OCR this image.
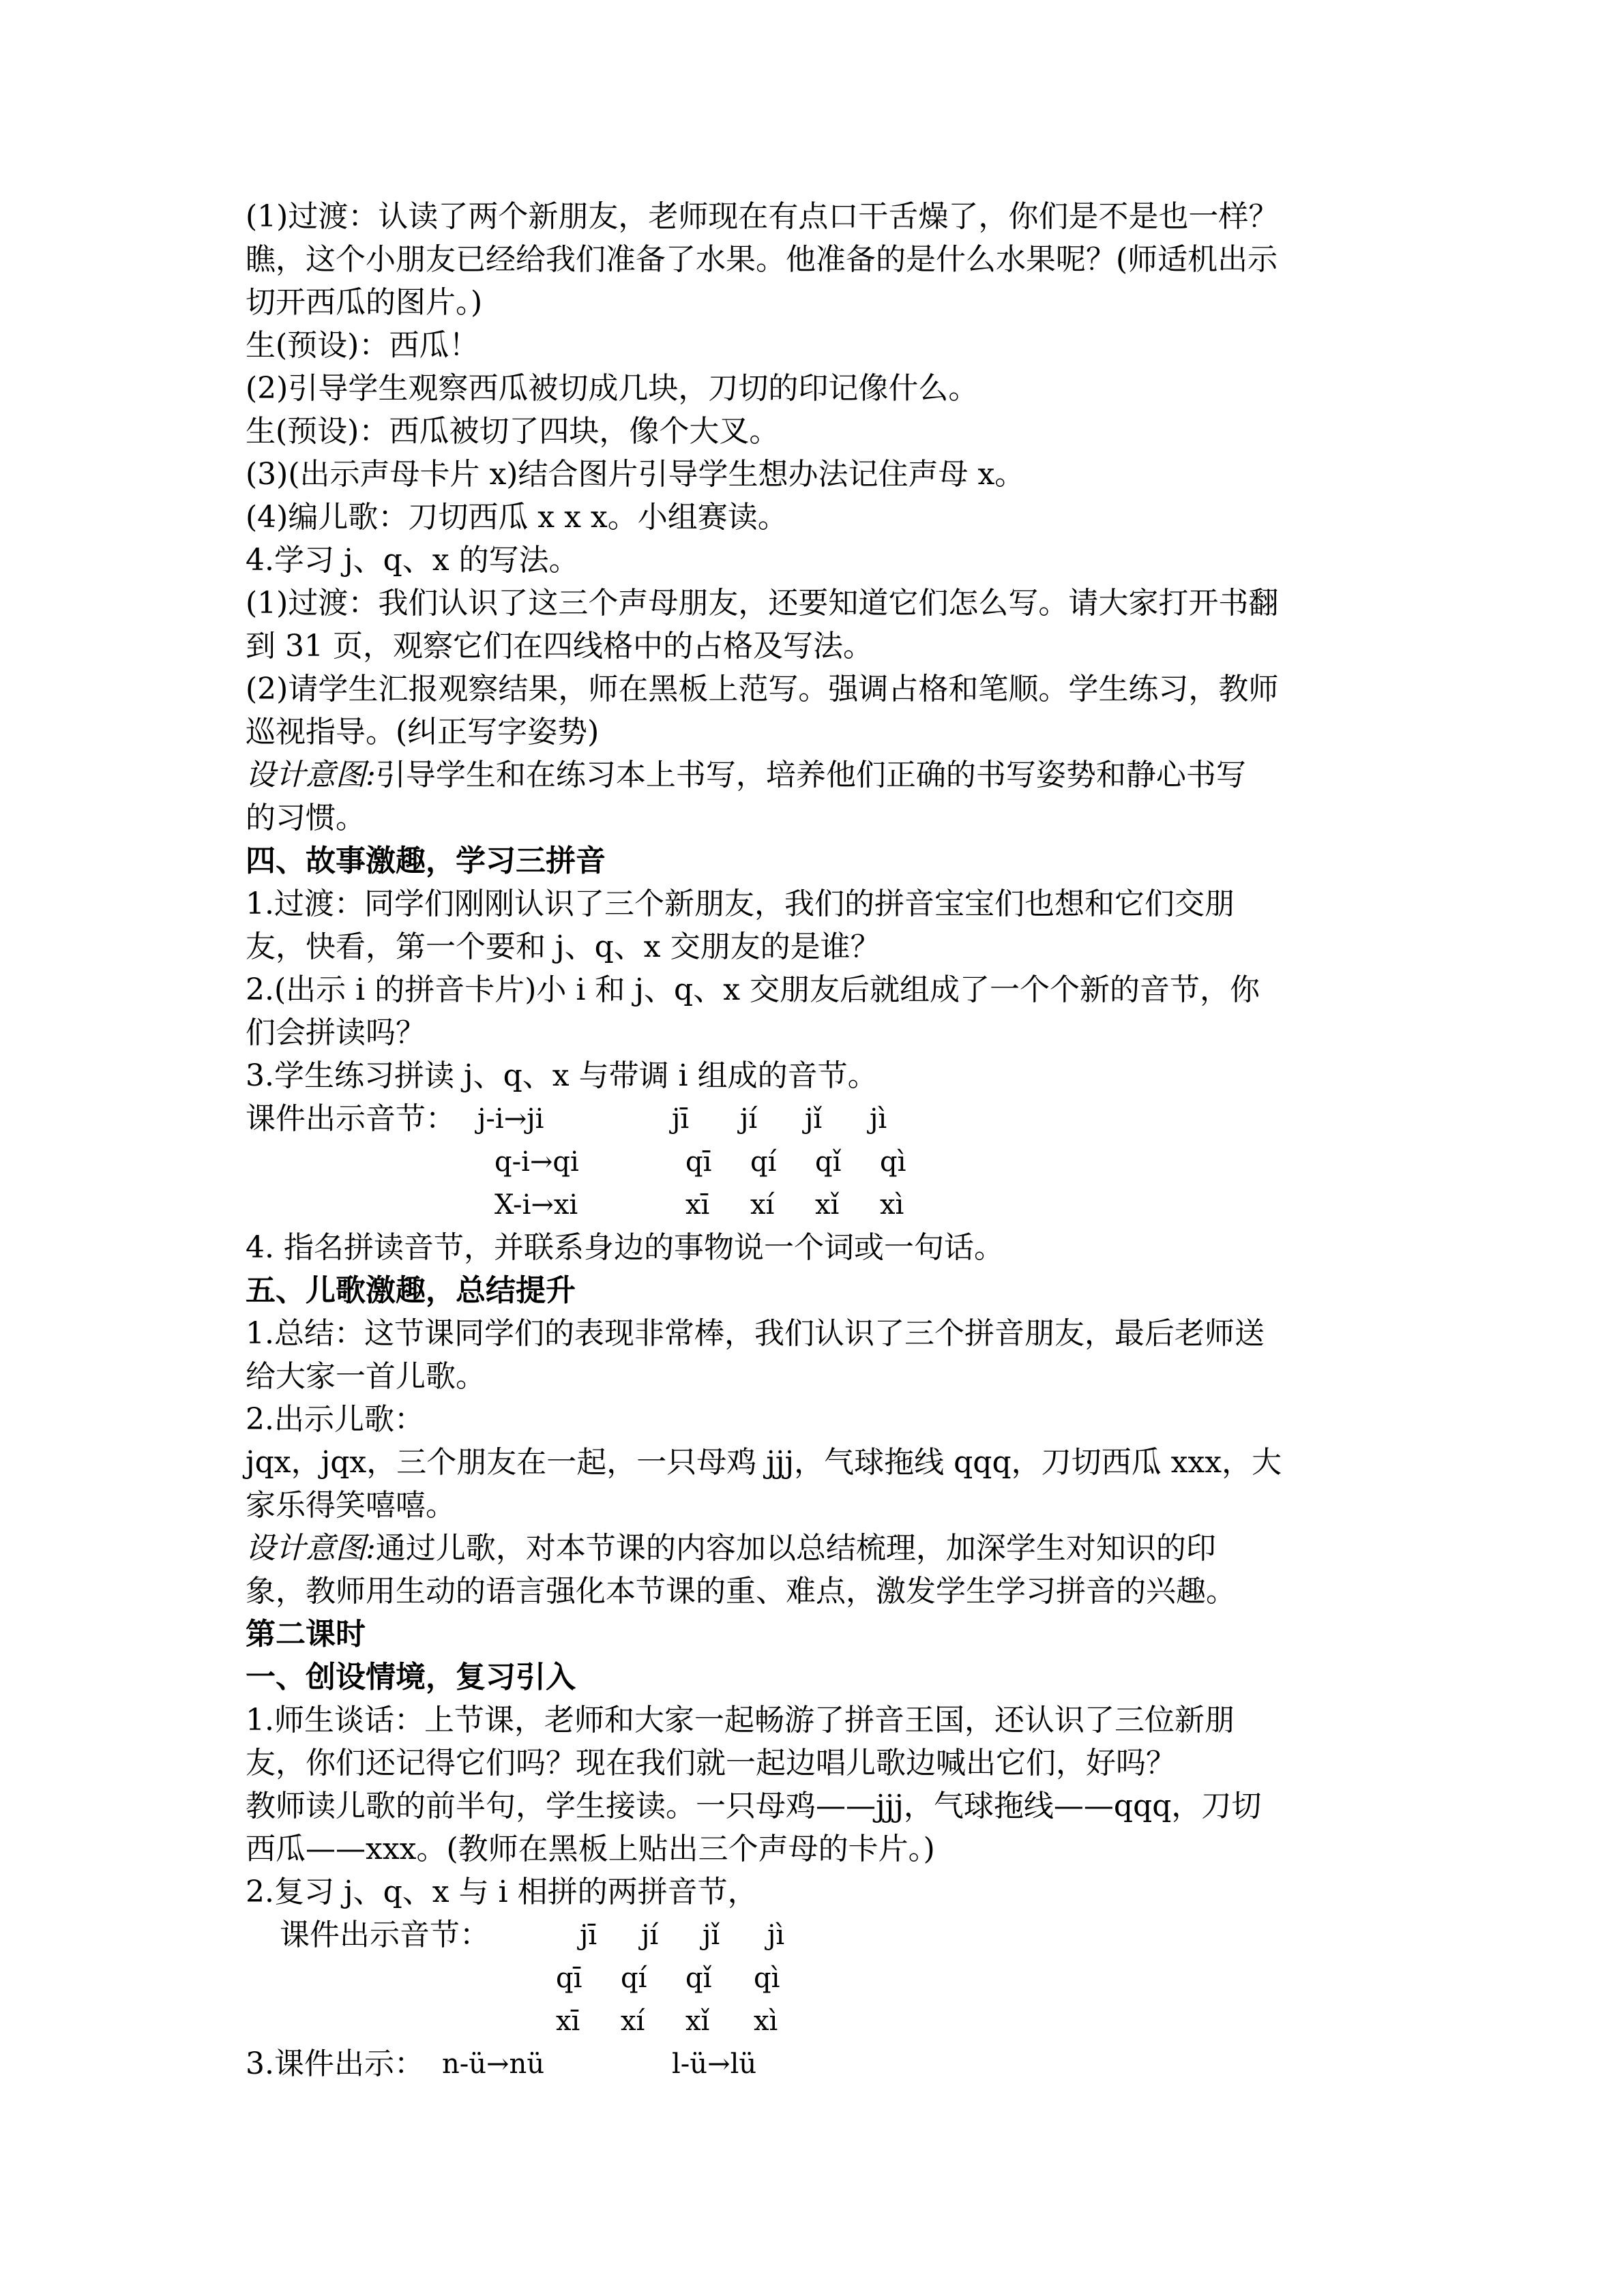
(1)过渡：认读了两个新朋友，老师现在有点口干舌燥了，你们是不是也一样？

瞧，这个小朋友已经给我们准备了水果。他准备的是什么水果呢？(师适机出示

切开西瓜的图片。)

生(预设)：西瓜！

(2)引导学生观察西瓜被切成几块，刀切的印记像什么。

生(预设)：西瓜被切了四块，像个大叉。

(3)(出示声母卡片 x)结合图片引导学生想办法记住声母 x。

(4)编儿歌：刀切西瓜 x x x。小组赛读。

4.学习 j、q、x 的写法。

(1)过渡：我们认识了这三个声母朋友，还要知道它们怎么写。请大家打开书翻

到 31 页，观察它们在四线格中的占格及写法。

(2)请学生汇报观察结果，师在黑板上范写。强调占格和笔顺。学生练习，教师

巡视指导。(纠正写字姿势)

设计意图:引导学生和在练习本上书写，培养他们正确的书写姿势和静心书写

的习惯。

四、故事激趣，学习三拼音

1.过渡：同学们刚刚认识了三个新朋友，我们的拼音宝宝们也想和它们交朋

友，快看，第一个要和 j、q、x 交朋友的是谁？

2.(出示 i 的拼音卡片)小 i 和 j、q、x 交朋友后就组成了一个个新的音节，你

们会拼读吗？

3.学生练习拼读 j、q、x 与带调 i 组成的音节。

课件出示音节： j-i→ji	jī jí jǐ jì
q-i→qi	qī qí qǐ qì
X-i→xi	xī xí xǐ xì

4. 指名拼读音节，并联系身边的事物说一个词或一句话。

五、儿歌激趣，总结提升

1.总结：这节课同学们的表现非常棒，我们认识了三个拼音朋友，最后老师送

给大家一首儿歌。

2.出示儿歌：

jqx，jqx，三个朋友在一起，一只母鸡 jjj，气球拖线 qqq，刀切西瓜 xxx，大

家乐得笑嘻嘻。

设计意图:通过儿歌，对本节课的内容加以总结梳理，加深学生对知识的印

象，教师用生动的语言强化本节课的重、难点，激发学生学习拼音的兴趣。

第二课时

一、创设情境，复习引入

1.师生谈话：上节课，老师和大家一起畅游了拼音王国，还认识了三位新朋

友，你们还记得它们吗？现在我们就一起边唱儿歌边喊出它们，好吗？

教师读儿歌的前半句，学生接读。一只母鸡——jjj，气球拖线——qqq，刀切

西瓜——xxx。(教师在黑板上贴出三个声母的卡片。)

2.复习 j、q、x 与 i 相拼的两拼音节，

课件出示音节：	jī jí jǐ jì
qī qí qǐ qì
xī xí xǐ xì

3.课件出示： n-ü→nü	l-ü→lü
